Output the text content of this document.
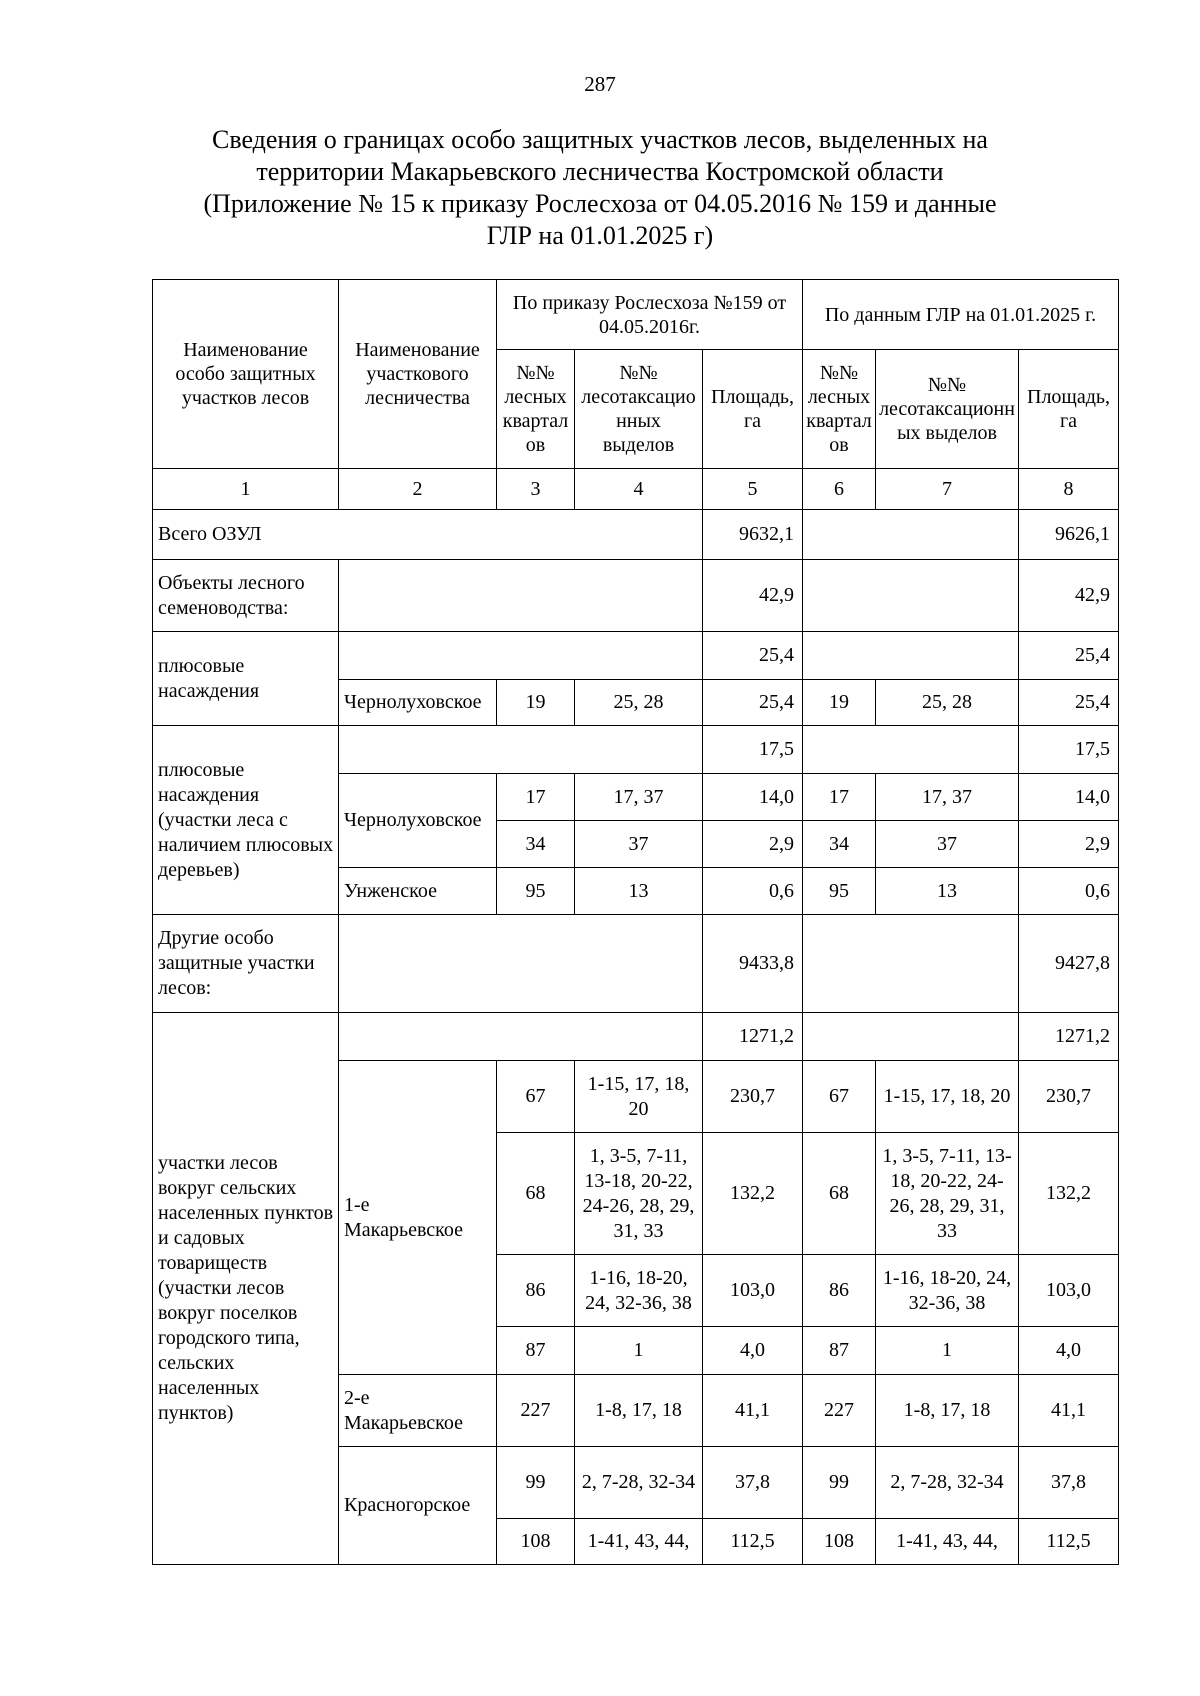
287
Сведения о границах особо защитных участков лесов, выделенных на
территории Макарьевского лесничества Костромской области
(Приложение № 15 к приказу Рослесхоза от 04.05.2016 № 159 и данные
ГЛР на 01.01.2025 г)
Наименование особо защитных участков лесов	Наименование участкового лесничества	По приказу Рослесхоза №159 от 04.05.2016г.			По данным ГЛР на 01.01.2025 г.		
		№№ лесных кварталов	№№ лесотаксационных выделов	Площадь, га	№№ лесных кварталов	№№ лесотаксационных выделов	Площадь, га
1	2	3	4	5	6	7	8
Всего ОЗУЛ				9632,1			9626,1
Объекты лесного семеноводства:				42,9			42,9
плюсовые насаждения				25,4			25,4
	Чернолуховское	19	25, 28	25,4	19	25, 28	25,4
плюсовые насаждения (участки леса с наличием плюсовых деревьев)				17,5			17,5
	Чернолуховское	17	17, 37	14,0	17	17, 37	14,0
		34	37	2,9	34	37	2,9
	Унженское	95	13	0,6	95	13	0,6
Другие особо защитные участки лесов:				9433,8			9427,8
участки лесов вокруг сельских населенных пунктов и садовых товариществ (участки лесов вокруг поселков городского типа, сельских населенных пунктов)				1271,2			1271,2
	1-е Макарьевское	67	1-15, 17, 18, 20	230,7	67	1-15, 17, 18, 20	230,7
		68	1, 3-5, 7-11, 13-18, 20-22, 24-26, 28, 29, 31, 33	132,2	68	1, 3-5, 7-11, 13-18, 20-22, 24-26, 28, 29, 31, 33	132,2
		86	1-16, 18-20, 24, 32-36, 38	103,0	86	1-16, 18-20, 24, 32-36, 38	103,0
		87	1	4,0	87	1	4,0
	2-е Макарьевское	227	1-8, 17, 18	41,1	227	1-8, 17, 18	41,1
	Красногорское	99	2, 7-28, 32-34	37,8	99	2, 7-28, 32-34	37,8
		108	1-41, 43, 44,	112,5	108	1-41, 43, 44,	112,5
